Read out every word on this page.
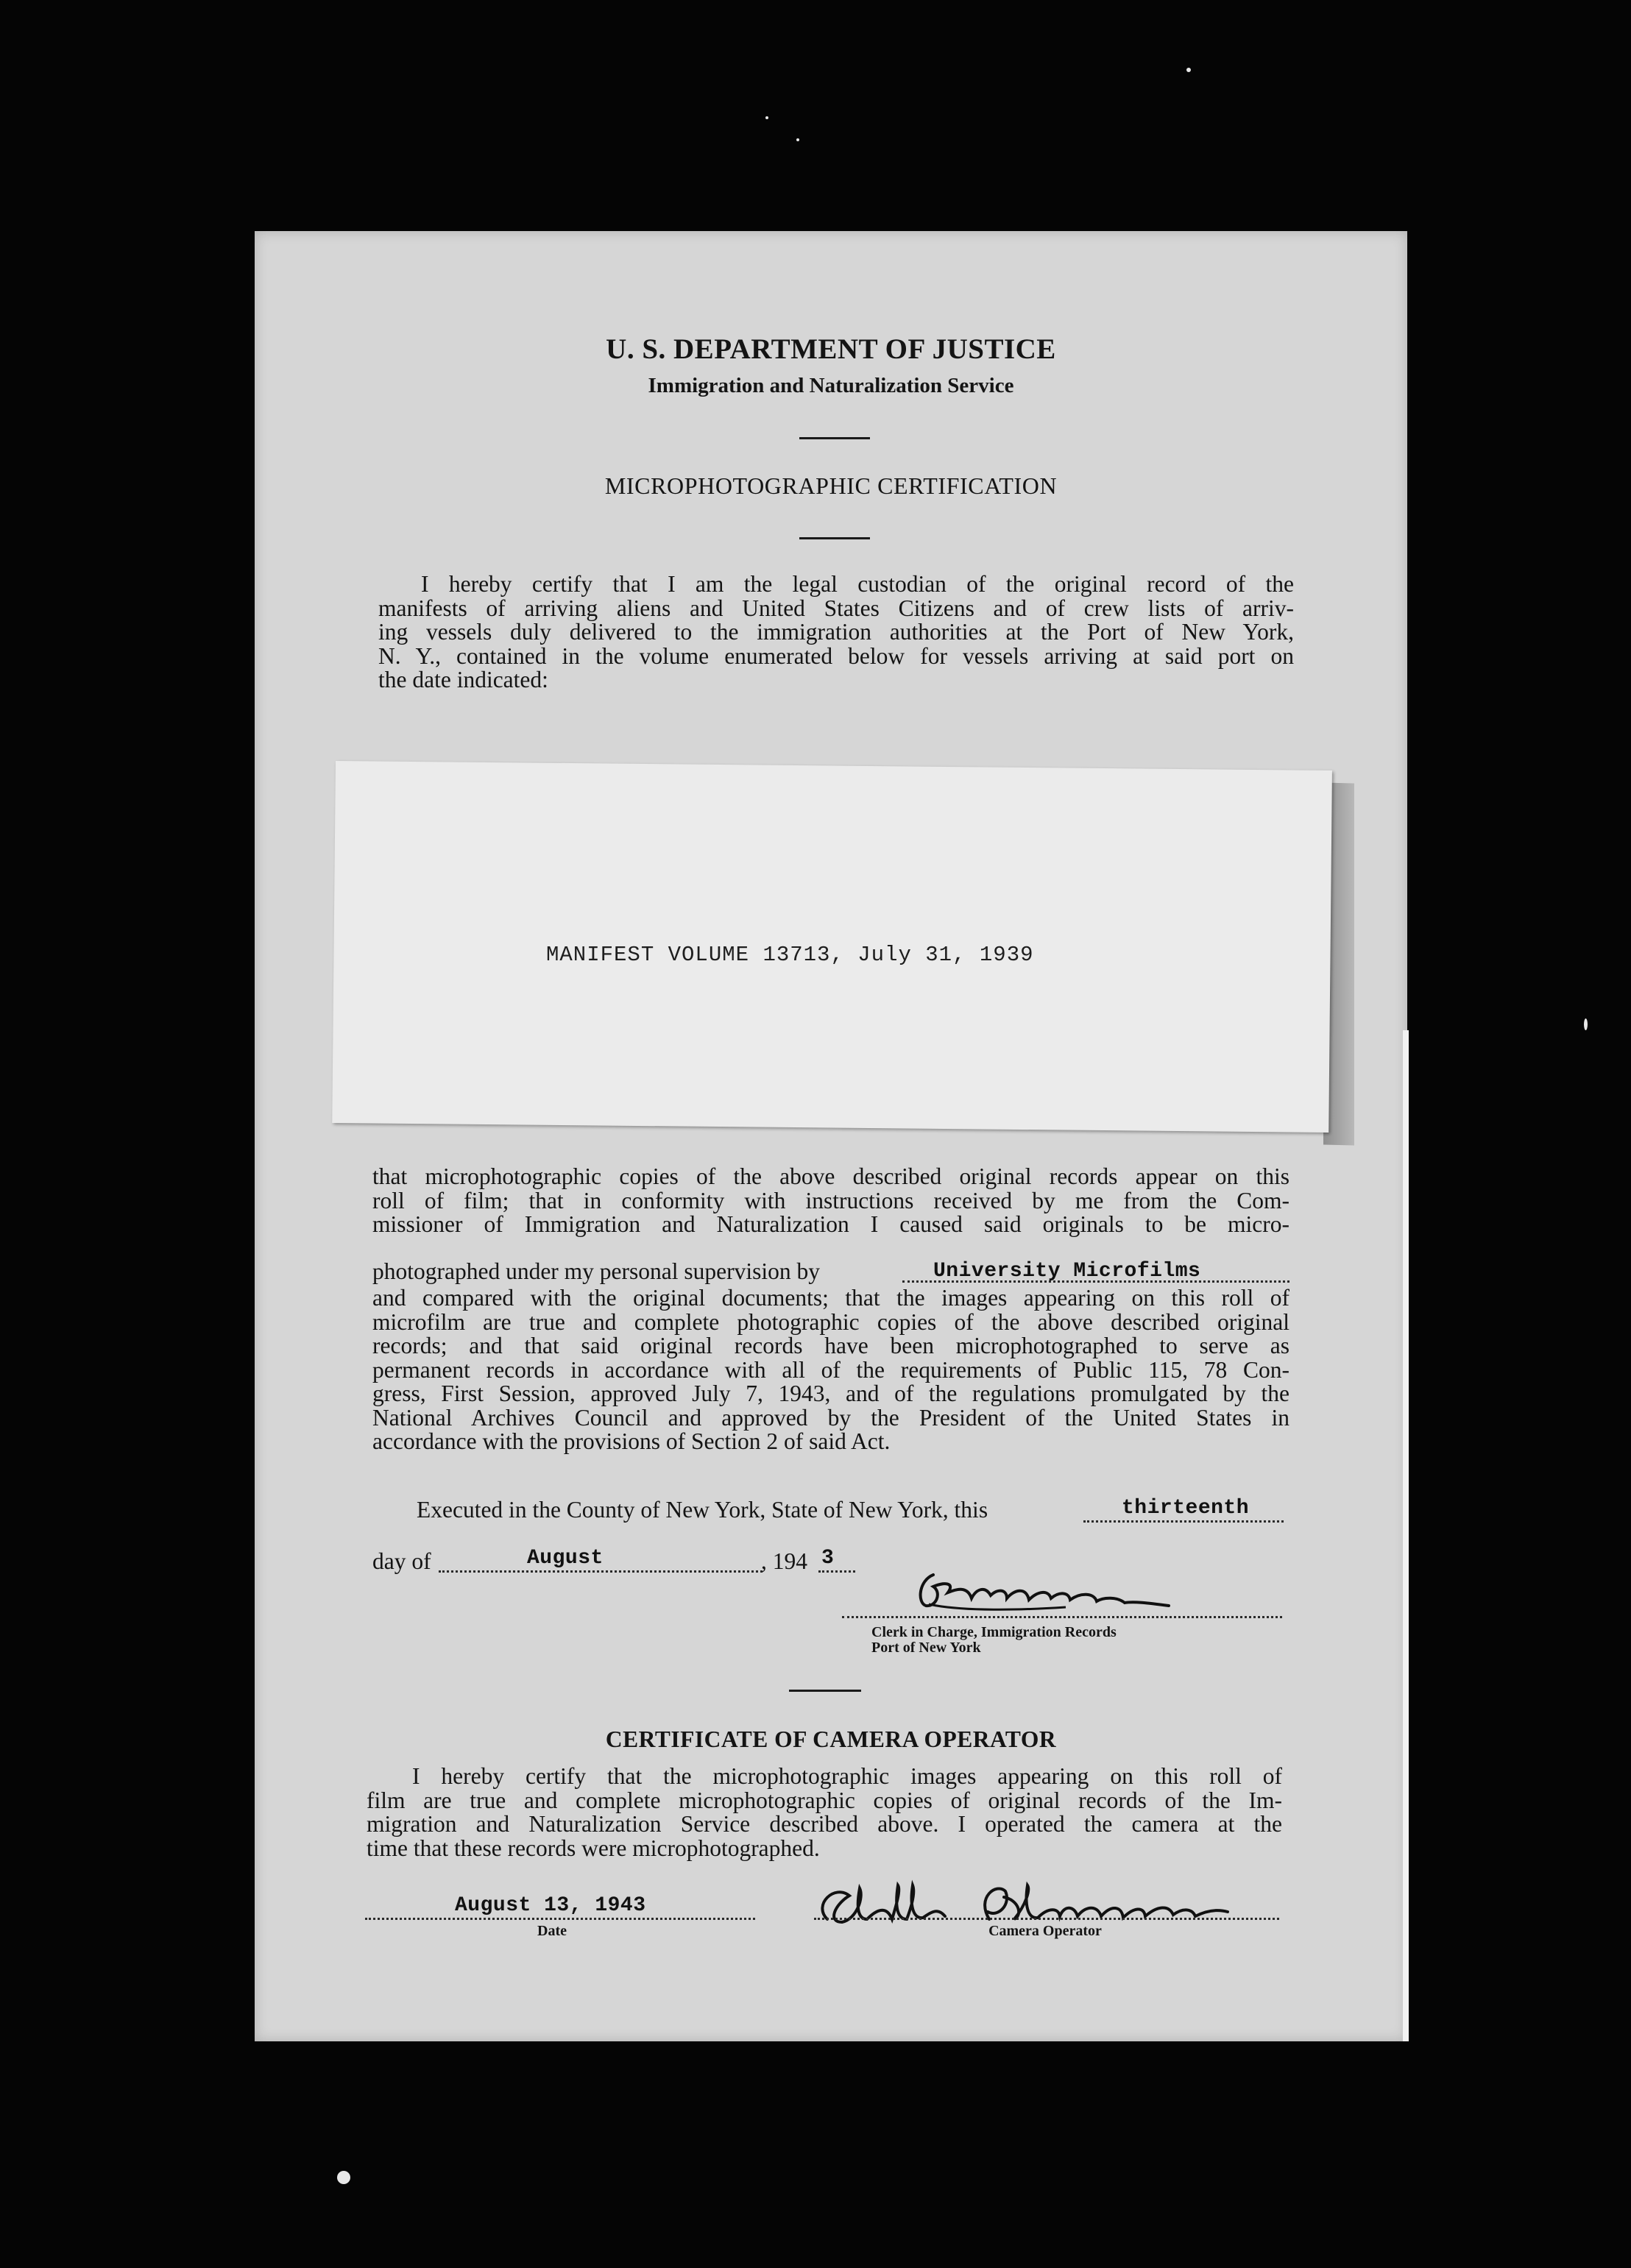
U. S. DEPARTMENT OF JUSTICE
Immigration and Naturalization Service
MICROPHOTOGRAPHIC CERTIFICATION
I hereby certify that I am the legal custodian of the original record of the
manifests of arriving aliens and United States Citizens and of crew lists of arriv-
ing vessels duly delivered to the immigration authorities at the Port of New York,
N. Y., contained in the volume enumerated below for vessels arriving at said port on
the date indicated:
MANIFEST VOLUME 13713, July 31, 1939
that microphotographic copies of the above described original records appear on this
roll of film; that in conformity with instructions received by me from the Com-
missioner of Immigration and Naturalization I caused said originals to be micro-
photographed under my personal supervision by	University Microfilms
and compared with the original documents; that the images appearing on this roll of
microfilm are true and complete photographic copies of the above described original
records; and that said original records have been microphotographed to serve as
permanent records in accordance with all of the requirements of Public 115, 78 Con-
gress, First Session, approved July 7, 1943, and of the regulations promulgated by the
National Archives Council and approved by the President of the United States in
accordance with the provisions of Section 2 of said Act.
Executed in the County of New York, State of New York, this	thirteenth
day of	August	, 194 3
Clerk in Charge, Immigration Records
Port of New York
CERTIFICATE OF CAMERA OPERATOR
I hereby certify that the microphotographic images appearing on this roll of
film are true and complete microphotographic copies of original records of the Im-
migration and Naturalization Service described above. I operated the camera at the
time that these records were microphotographed.
August 13, 1943
Date	Camera Operator
